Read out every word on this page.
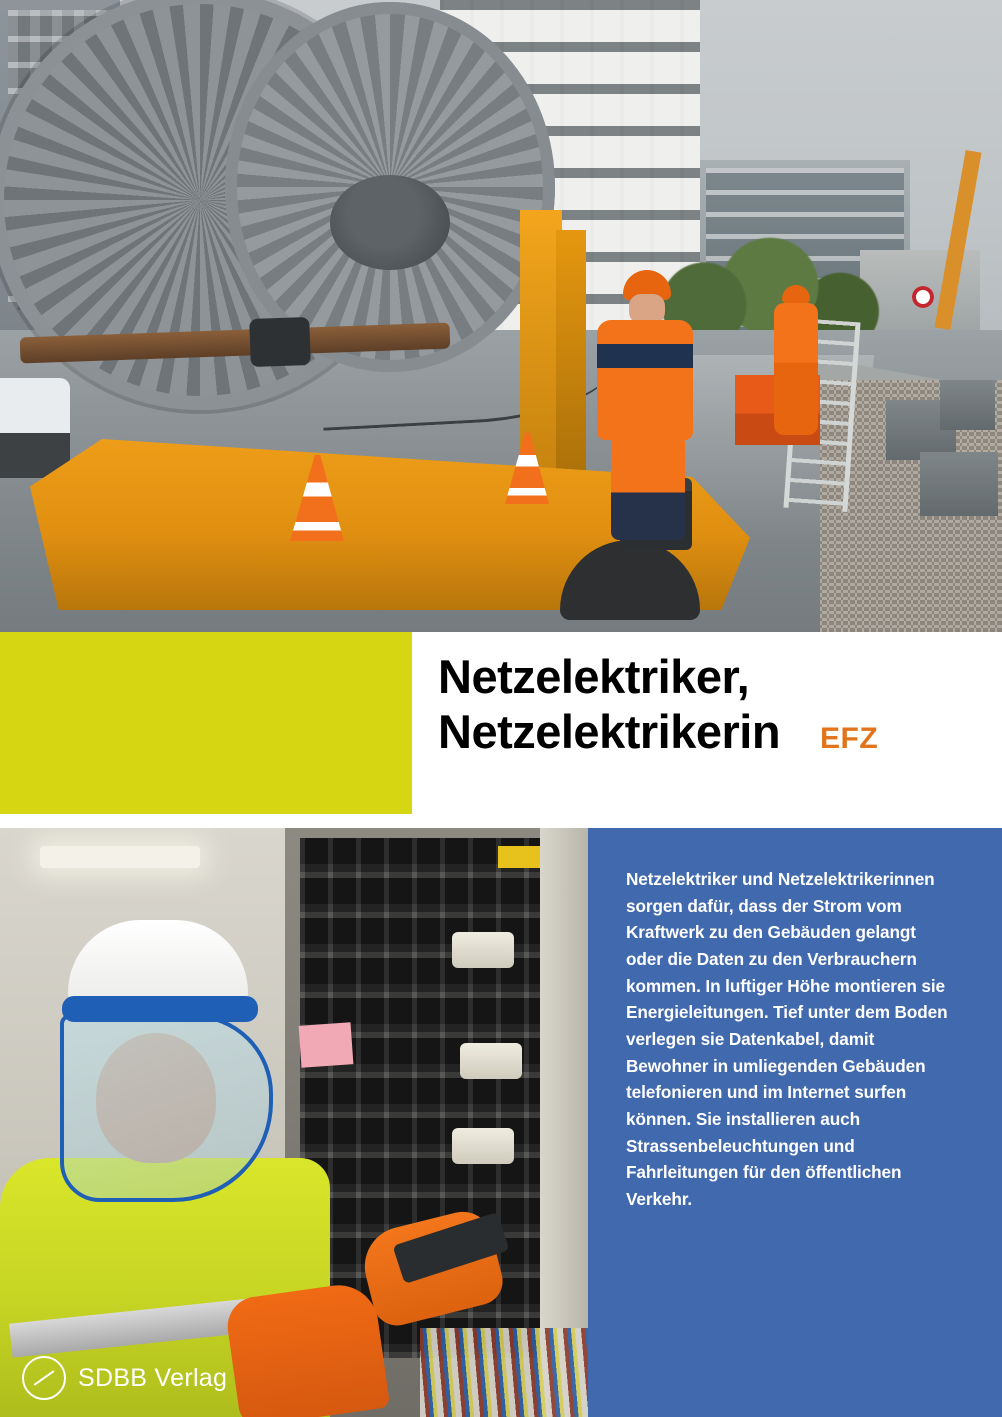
Netzelektriker,
Netzelektrikerin EFZ
SDBB Verlag
Netzelektriker und Netzelektrikerinnen sorgen dafür, dass der Strom vom Kraftwerk zu den Gebäuden gelangt oder die Daten zu den Verbrauchern kommen. In luftiger Höhe montieren sie Energieleitungen. Tief unter dem Boden verlegen sie Datenkabel, damit Bewohner in umliegenden Gebäuden telefonieren und im Internet surfen können. Sie installieren auch Strassenbeleuchtungen und Fahrleitungen für den öffentlichen Verkehr.
